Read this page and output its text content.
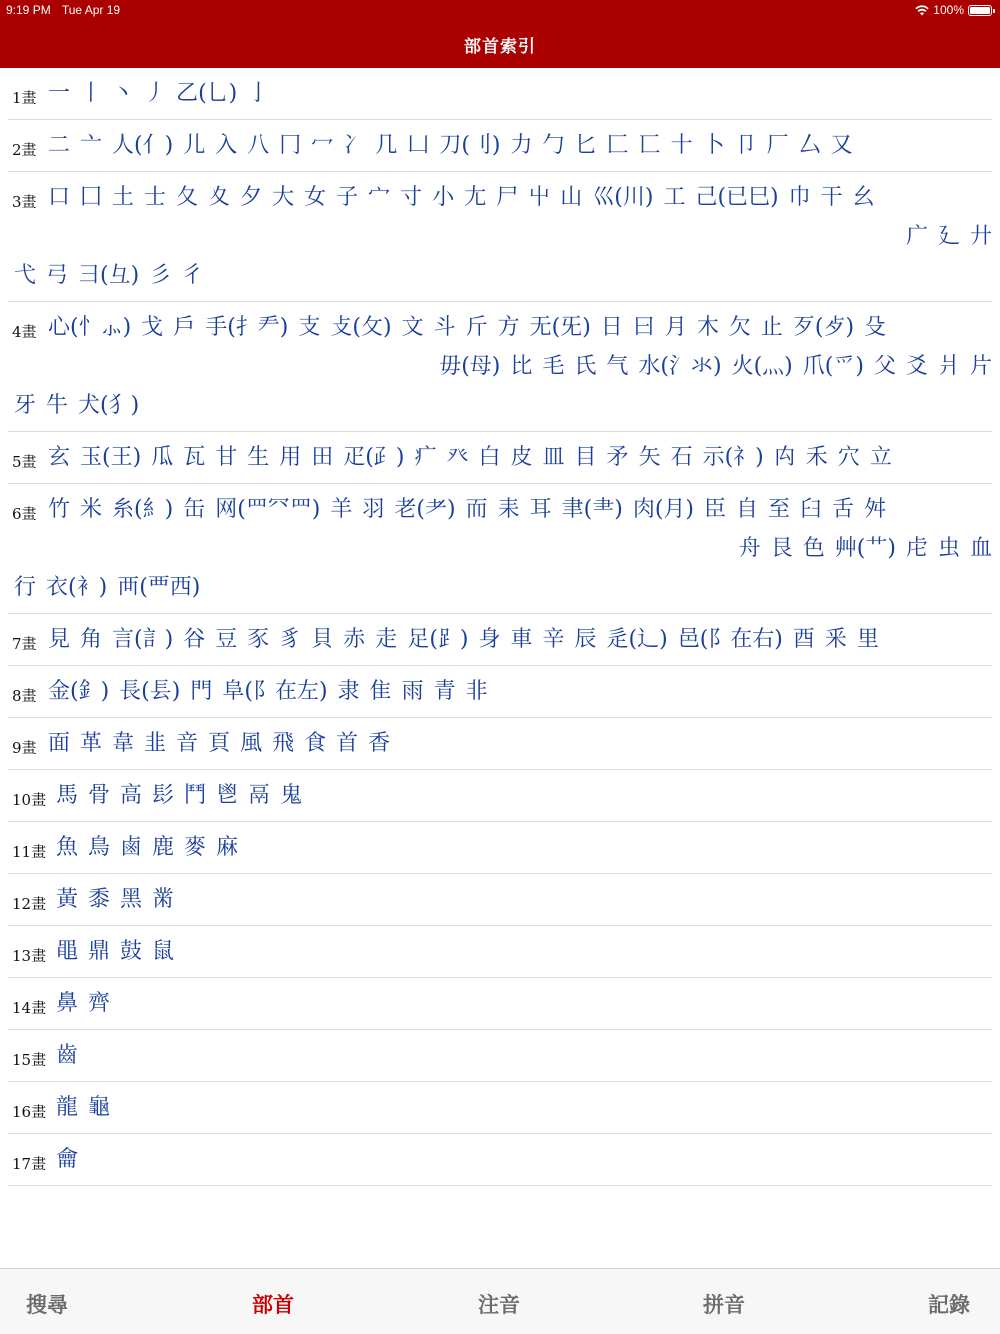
9:19 PM Tue Apr 19	100%
部首索引
1畫 一 丨 丶 丿 乙(乚) 亅
2畫 二 亠 人(亻) 儿 入 八 冂 冖 冫 几 凵 刀(刂) 力 勹 匕 匚 匸 十 卜 卩 厂 厶 又
3畫 口 囗 土 士 夂 夊 夕 大 女 子 宀 寸 小 尢 尸 屮 山 巛(川) 工 己(已巳) 巾 干 幺
广 廴 廾
弋 弓 彐(彑) 彡 彳
4畫 心(忄⺗) 戈 戶 手(扌龵) 支 攴(攵) 文 斗 斤 方 无(旡) 日 曰 月 木 欠 止 歹(歺) 殳
毋(母) 比 毛 氏 气 水(氵氺) 火(灬) 爪(爫) 父 爻 爿 片
牙 牛 犬(犭)
5畫 玄 玉(王) 瓜 瓦 甘 生 用 田 疋(⺪) 疒 癶 白 皮 皿 目 矛 矢 石 示(礻) 禸 禾 穴 立
6畫 竹 米 糸(糹) 缶 网(罒⺳⺲) 羊 羽 老(耂) 而 耒 耳 聿(⺻) 肉(月) 臣 自 至 臼 舌 舛
舟 艮 色 艸(艹) 虍 虫 血
行 衣(衤) 襾(覀西)
7畫 見 角 言(訁) 谷 豆 豕 豸 貝 赤 走 足(⻊) 身 車 辛 辰 辵(辶) 邑(阝在右) 酉 釆 里
8畫 金(釒) 長(镸) 門 阜(阝在左) 隶 隹 雨 青 非
9畫 面 革 韋 韭 音 頁 風 飛 食 首 香
10畫 馬 骨 高 髟 鬥 鬯 鬲 鬼
11畫 魚 鳥 鹵 鹿 麥 麻
12畫 黃 黍 黑 黹
13畫 黽 鼎 鼓 鼠
14畫 鼻 齊
15畫 齒
16畫 龍 龜
17畫 龠
搜尋	部首	注音	拼音	記錄
